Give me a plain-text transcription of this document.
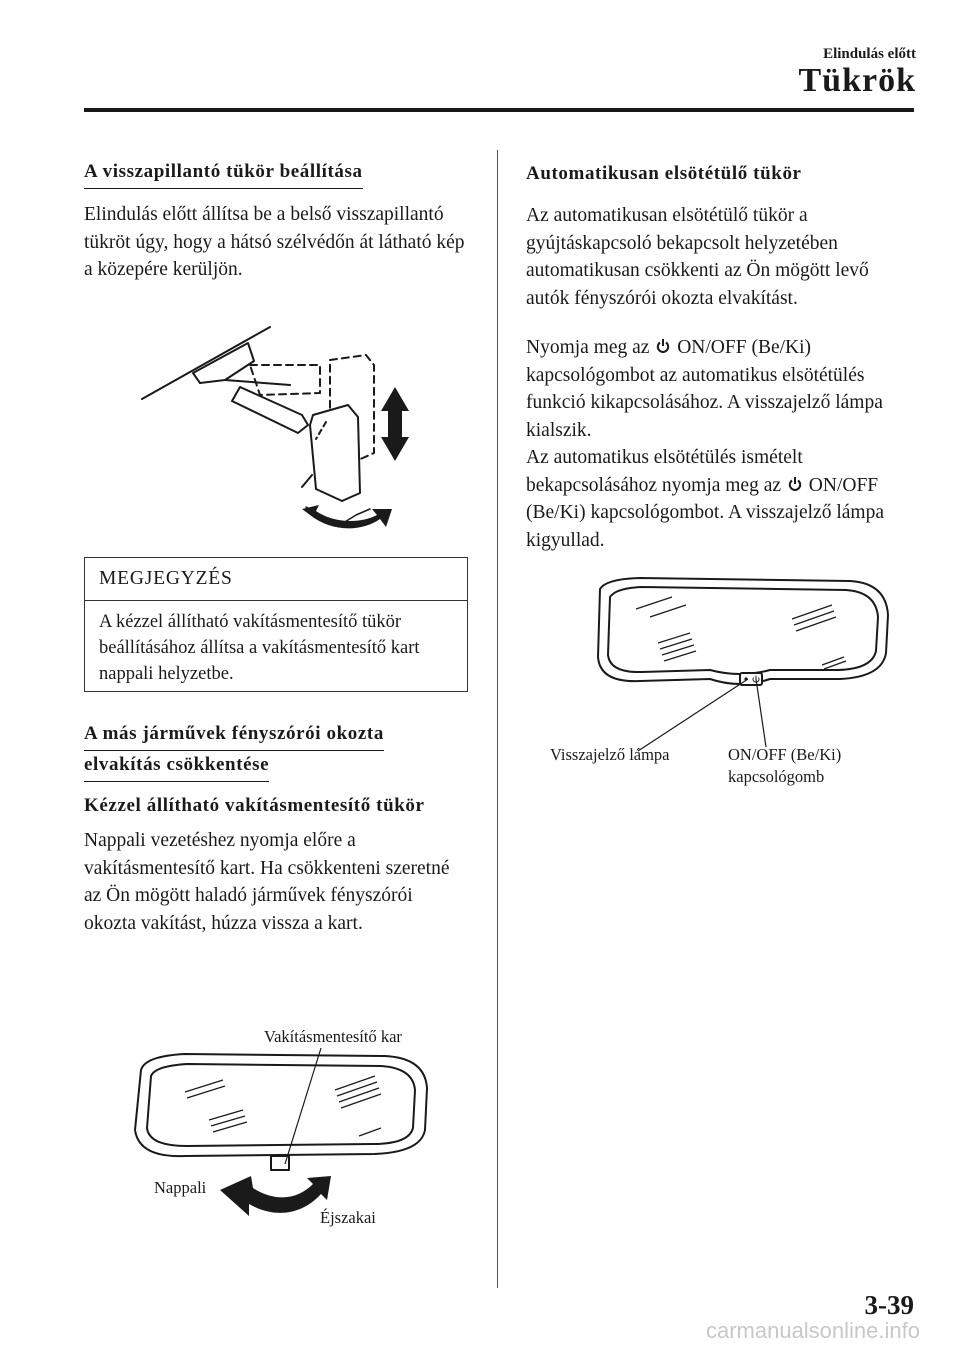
Elindulás előtt
Tükrök
A visszapillantó tükör beállítása
Elindulás előtt állítsa be a belső visszapillantó tükröt úgy, hogy a hátsó szélvédőn át látható kép a közepére kerüljön.
MEGJEGYZÉS
A kézzel állítható vakításmentesítő tükör beállításához állítsa a vakításmentesítő kart nappali helyzetbe.
A más járművek fényszórói okozta
elvakítás csökkentése
Kézzel állítható vakításmentesítő tükör
Nappali vezetéshez nyomja előre a vakításmentesítő kart. Ha csökkenteni szeretné az Ön mögött haladó járművek fényszórói okozta vakítást, húzza vissza a kart.
Vakításmentesítő kar
Nappali
Éjszakai
Automatikusan elsötétülő tükör
Az automatikusan elsötétülő tükör a gyújtáskapcsoló bekapcsolt helyzetében automatikusan csökkenti az Ön mögött levő autók fényszórói okozta elvakítást.
Nyomja meg az ON/OFF (Be/Ki) kapcsológombot az automatikus elsötétülés funkció kikapcsolásához. A visszajelző lámpa kialszik.
Az automatikus elsötétülés ismételt bekapcsolásához nyomja meg az ON/OFF (Be/Ki) kapcsológombot. A visszajelző lámpa kigyullad.
Visszajelző lámpa	ON/OFF (Be/Ki)
kapcsológomb
3-39
carmanualsonline.info
